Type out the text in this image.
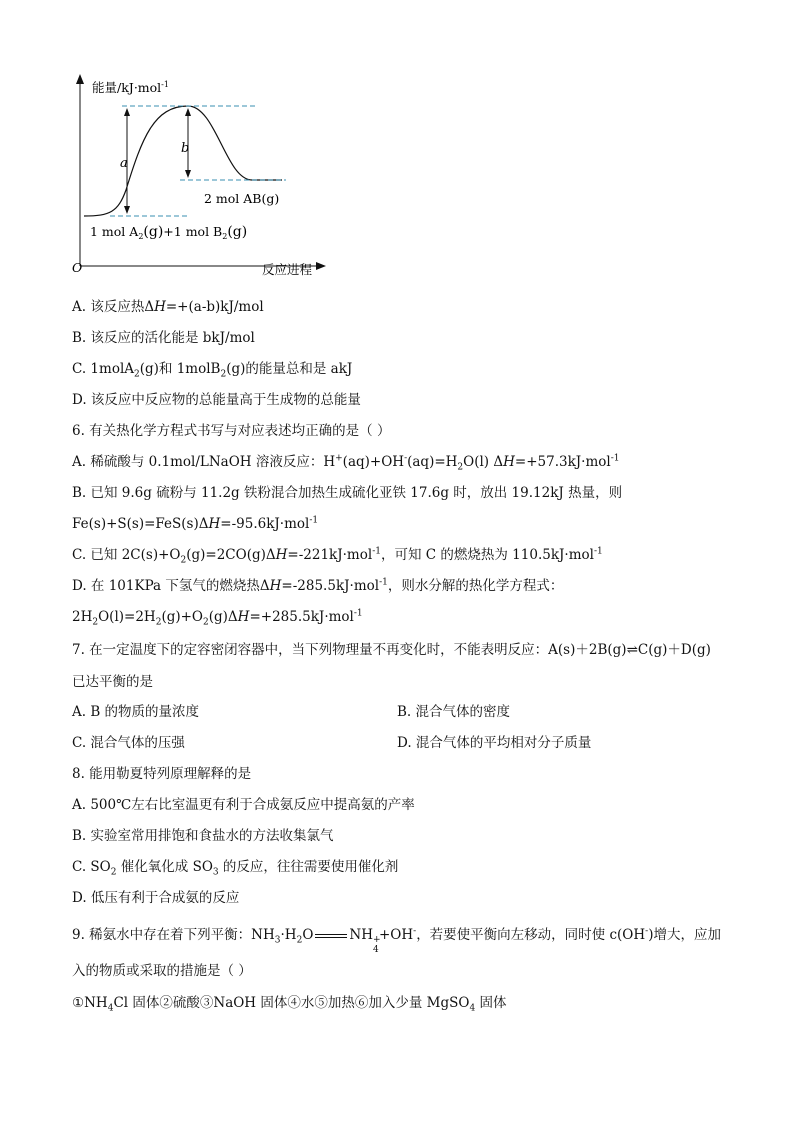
能量/kJ·mol$^{-1}$
a
b
2 mol AB(g)
1 mol $A_2(g)+1$ mol $B_2(g)$
O	反应进程
A. 该反应热ΔH=+(a-b)kJ/mol
B. 该反应的活化能是 bkJ/mol
C. 1molA$_2$(g)和 1molB$_2$(g)的能量总和是 akJ
D. 该反应中反应物的总能量高于生成物的总能量
6. 有关热化学方程式书写与对应表述均正确的是（ ）
A. 稀硫酸与 0.1mol/LNaOH 溶液反应：$H^+(aq)+OH^-(aq)=H_2O(l)$ ΔH=+57.3kJ·mol$^{-1}$
B. 已知 9.6g 硫粉与 11.2g 铁粉混合加热生成硫化亚铁 17.6g 时，放出 19.12kJ 热量，则
Fe(s)+S(s)=FeS(s)ΔH=-95.6kJ·mol$^{-1}$
C. 已知 $2C(s)+O_2(g)=2CO(g)\Delta H=-221kJ\cdot mol^{-1}$，可知 C 的燃烧热为 110.5kJ·mol$^{-1}$
D. 在 101KPa 下氢气的燃烧热ΔH=-285.5kJ·mol$^{-1}$，则水分解的热化学方程式：
$2H_2O(l)=2H_2(g)+O_2(g)\Delta H=+285.5kJ\cdot mol^{-1}$
7. 在一定温度下的定容密闭容器中，当下列物理量不再变化时，不能表明反应：A(s)＋2B(g)⇌C(g)＋D(g)
已达平衡的是
A. B 的物质的量浓度	B. 混合气体的密度
C. 混合气体的压强	D. 混合气体的平均相对分子质量
8. 能用勒夏特列原理解释的是
A. 500℃左右比室温更有利于合成氨反应中提高氨的产率
B. 实验室常用排饱和食盐水的方法收集氯气
C. $SO_2$ 催化氧化成 $SO_3$ 的反应，往往需要使用催化剂
D. 低压有利于合成氨的反应
9. 稀氨水中存在着下列平衡：$NH_3\cdot H_2O$	NH +
4
+OH-，若要使平衡向左移动，同时使 c(OH-)增大，应加
入的物质或采取的措施是（ ）
$①NH_4Cl$ 固体②硫酸③NaOH 固体④水⑤加热⑥加入少量 MgSO$_4$ 固体
